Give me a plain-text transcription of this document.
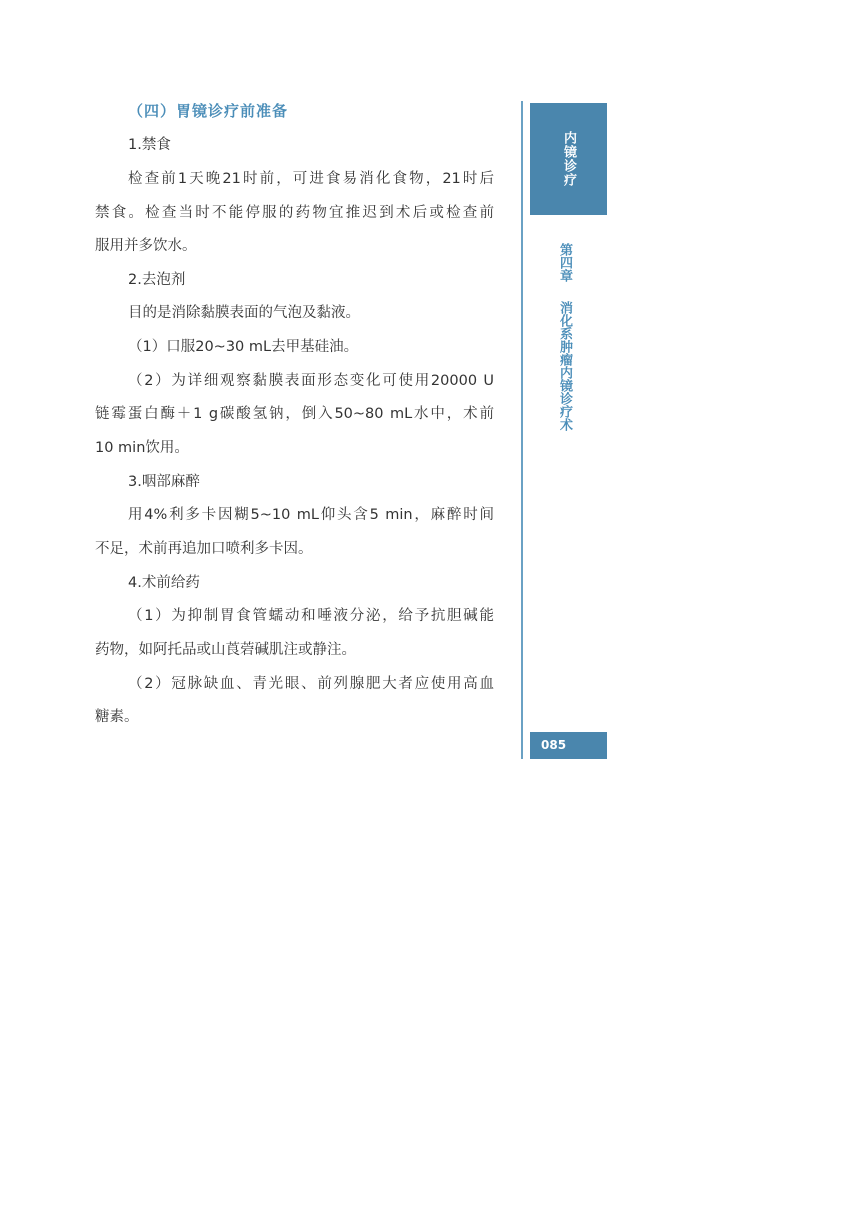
（四）胃镜诊疗前准备
1.禁食
检查前1天晚21时前，可进食易消化食物，21时后
禁食。检查当时不能停服的药物宜推迟到术后或检查前
服用并多饮水。
2.去泡剂
目的是消除黏膜表面的气泡及黏液。
（1）口服20~30 mL去甲基硅油。
（2）为详细观察黏膜表面形态变化可使用20000 U
链霉蛋白酶＋1 g碳酸氢钠，倒入50~80 mL水中，术前
10 min饮用。
3.咽部麻醉
用4%利多卡因糊5~10 mL仰头含5 min，麻醉时间
不足，术前再追加口喷利多卡因。
4.术前给药
（1）为抑制胃食管蠕动和唾液分泌，给予抗胆碱能
药物，如阿托品或山莨菪碱肌注或静注。
（2）冠脉缺血、青光眼、前列腺肥大者应使用高血
糖素。
内镜诊疗
第四章
消化系肿瘤内镜诊疗术
085
